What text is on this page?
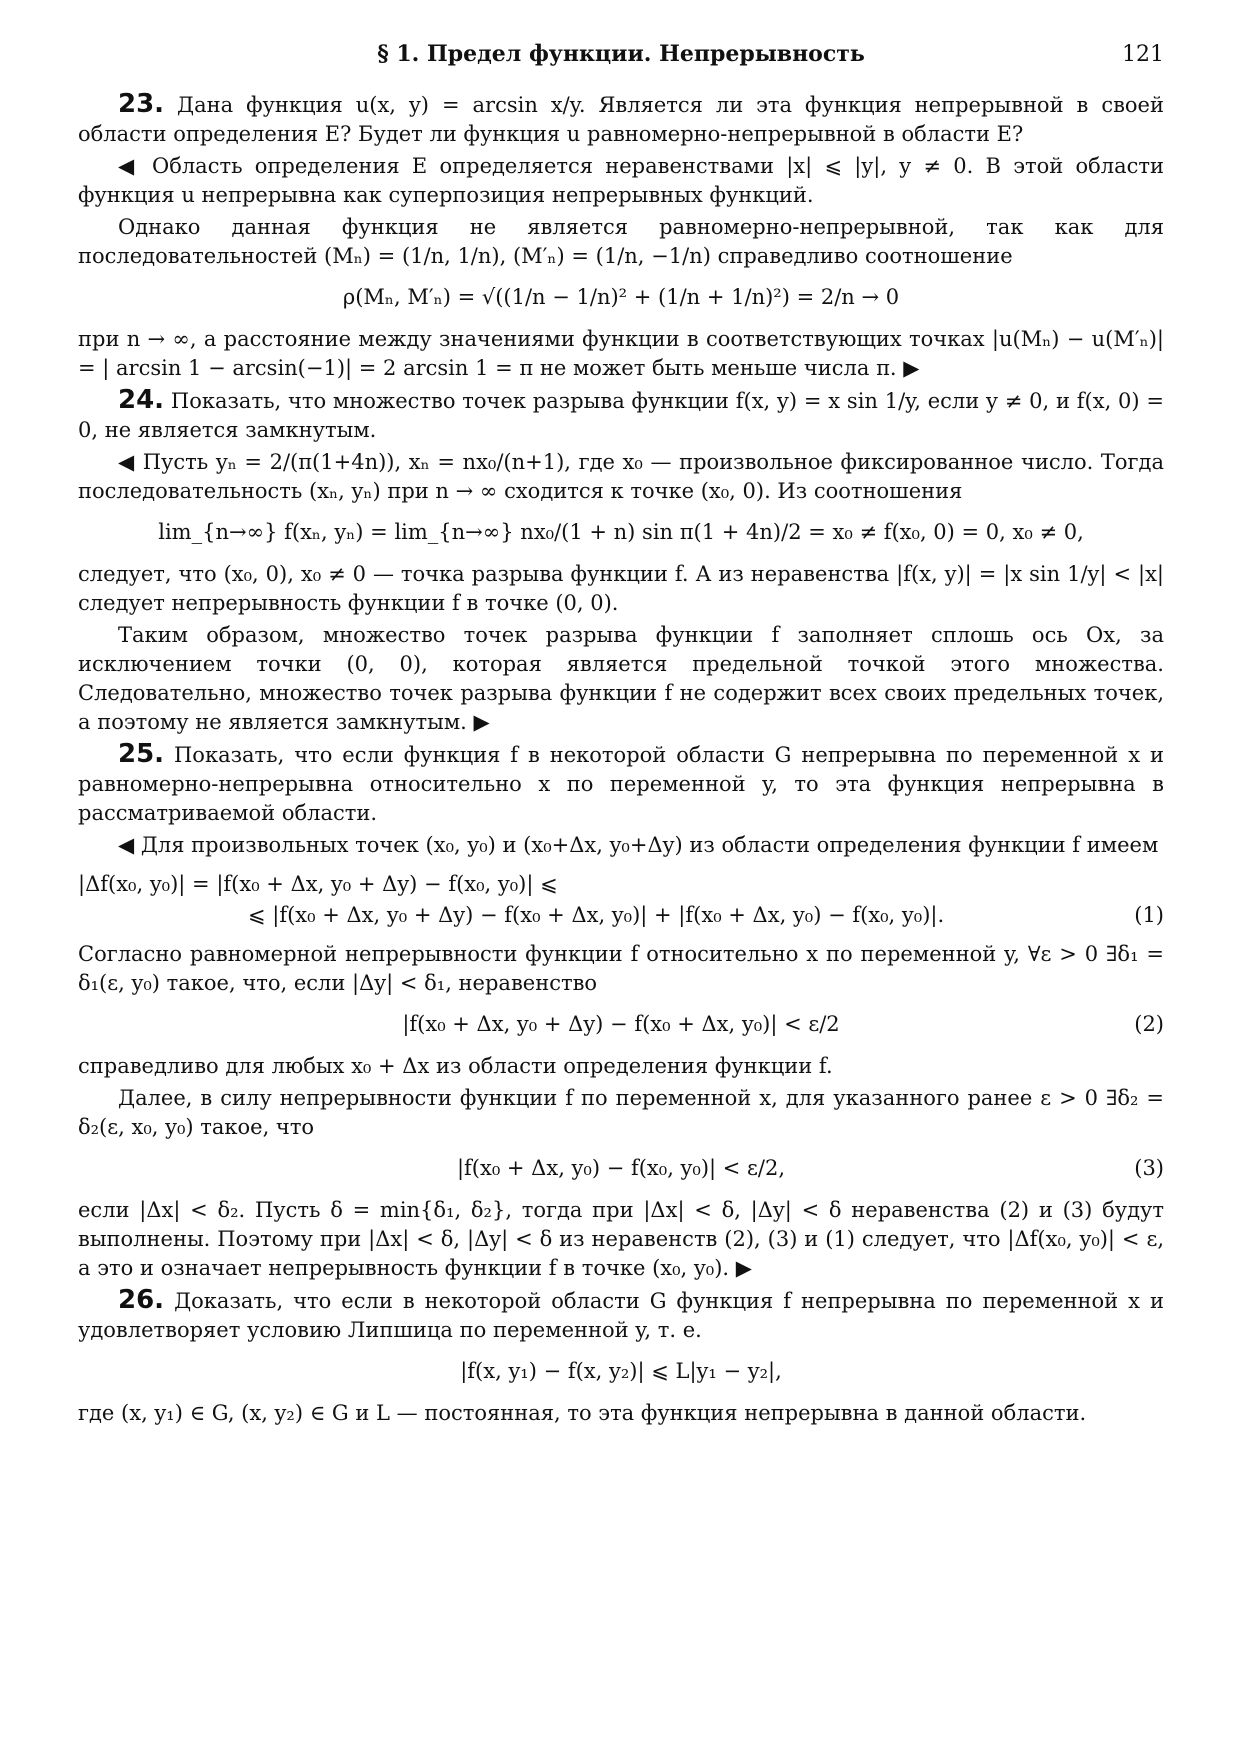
§ 1. Предел функции. Непрерывность	121

23. Дана функция u(x, y) = arcsin x/y. Является ли эта функция непрерывной в своей области определения E? Будет ли функция u равномерно-непрерывной в области E?

◀ Область определения E определяется неравенствами |x| ⩽ |y|, y ≠ 0. В этой области функция u непрерывна как суперпозиция непрерывных функций.

Однако данная функция не является равномерно-непрерывной, так как для последовательностей (Mₙ) = (1/n, 1/n), (M′ₙ) = (1/n, −1/n) справедливо соотношение

ρ(Mₙ, M′ₙ) = √((1/n − 1/n)² + (1/n + 1/n)²) = 2/n → 0

при n → ∞, а расстояние между значениями функции в соответствующих точках |u(Mₙ) − u(M′ₙ)| = | arcsin 1 − arcsin(−1)| = 2 arcsin 1 = π не может быть меньше числа π. ▶

24. Показать, что множество точек разрыва функции f(x, y) = x sin 1/y, если y ≠ 0, и f(x, 0) = 0, не является замкнутым.

◀ Пусть yₙ = 2/(π(1+4n)), xₙ = nx₀/(n+1), где x₀ — произвольное фиксированное число. Тогда последовательность (xₙ, yₙ) при n → ∞ сходится к точке (x₀, 0). Из соотношения

lim_{n→∞} f(xₙ, yₙ) = lim_{n→∞} nx₀/(1 + n) sin π(1 + 4n)/2 = x₀ ≠ f(x₀, 0) = 0, x₀ ≠ 0,

следует, что (x₀, 0), x₀ ≠ 0 — точка разрыва функции f. А из неравенства |f(x, y)| = |x sin 1/y| < |x| следует непрерывность функции f в точке (0, 0).

Таким образом, множество точек разрыва функции f заполняет сплошь ось Ox, за исключением точки (0, 0), которая является предельной точкой этого множества. Следовательно, множество точек разрыва функции f не содержит всех своих предельных точек, а поэтому не является замкнутым. ▶

25. Показать, что если функция f в некоторой области G непрерывна по переменной x и равномерно-непрерывна относительно x по переменной y, то эта функция непрерывна в рассматриваемой области.

◀ Для произвольных точек (x₀, y₀) и (x₀+Δx, y₀+Δy) из области определения функции f имеем

|Δf(x₀, y₀)| = |f(x₀ + Δx, y₀ + Δy) − f(x₀, y₀)| ⩽
⩽ |f(x₀ + Δx, y₀ + Δy) − f(x₀ + Δx, y₀)| + |f(x₀ + Δx, y₀) − f(x₀, y₀)|.	(1)

Согласно равномерной непрерывности функции f относительно x по переменной y, ∀ε > 0 ∃δ₁ = δ₁(ε, y₀) такое, что, если |Δy| < δ₁, неравенство

|f(x₀ + Δx, y₀ + Δy) − f(x₀ + Δx, y₀)| < ε/2	(2)

справедливо для любых x₀ + Δx из области определения функции f.

Далее, в силу непрерывности функции f по переменной x, для указанного ранее ε > 0 ∃δ₂ = δ₂(ε, x₀, y₀) такое, что

|f(x₀ + Δx, y₀) − f(x₀, y₀)| < ε/2,	(3)

если |Δx| < δ₂. Пусть δ = min{δ₁, δ₂}, тогда при |Δx| < δ, |Δy| < δ неравенства (2) и (3) будут выполнены. Поэтому при |Δx| < δ, |Δy| < δ из неравенств (2), (3) и (1) следует, что |Δf(x₀, y₀)| < ε, а это и означает непрерывность функции f в точке (x₀, y₀). ▶

26. Доказать, что если в некоторой области G функция f непрерывна по переменной x и удовлетворяет условию Липшица по переменной y, т. е.

|f(x, y₁) − f(x, y₂)| ⩽ L|y₁ − y₂|,

где (x, y₁) ∈ G, (x, y₂) ∈ G и L — постоянная, то эта функция непрерывна в данной области.
